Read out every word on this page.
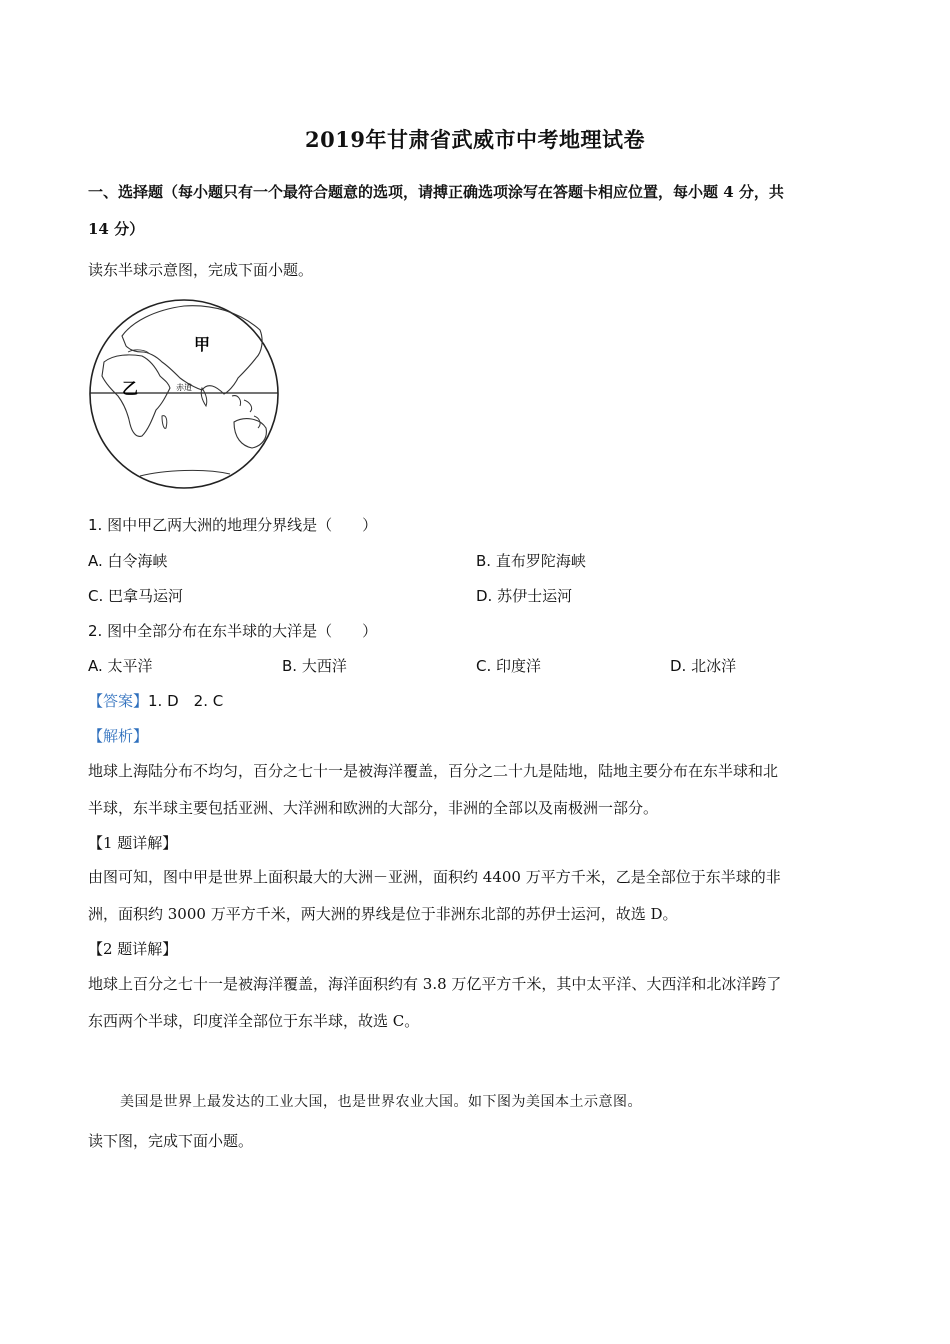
2019年甘肃省武威市中考地理试卷
一、选择题（每小题只有一个最符合题意的选项，请搏正确选项涂写在答题卡相应位置，每小题 4 分，共
14 分）
读东半球示意图，完成下面小题。
甲
乙	赤道
1. 图中甲乙两大洲的地理分界线是（　　）
A. 白令海峡	B. 直布罗陀海峡
C. 巴拿马运河	D. 苏伊士运河
2. 图中全部分布在东半球的大洋是（　　）
A. 太平洋	B. 大西洋	C. 印度洋	D. 北冰洋
【答案】1. D　2. C
【解析】
地球上海陆分布不均匀，百分之七十一是被海洋覆盖，百分之二十九是陆地，陆地主要分布在东半球和北
半球，东半球主要包括亚洲、大洋洲和欧洲的大部分，非洲的全部以及南极洲一部分。
【1 题详解】
由图可知，图中甲是世界上面积最大的大洲－亚洲，面积约 4400 万平方千米，乙是全部位于东半球的非
洲，面积约 3000 万平方千米，两大洲的界线是位于非洲东北部的苏伊士运河，故选 D。
【2 题详解】
地球上百分之七十一是被海洋覆盖，海洋面积约有 3.8 万亿平方千米，其中太平洋、大西洋和北冰洋跨了
东西两个半球，印度洋全部位于东半球，故选 C。
美国是世界上最发达的工业大国，也是世界农业大国。如下图为美国本土示意图。
读下图，完成下面小题。
